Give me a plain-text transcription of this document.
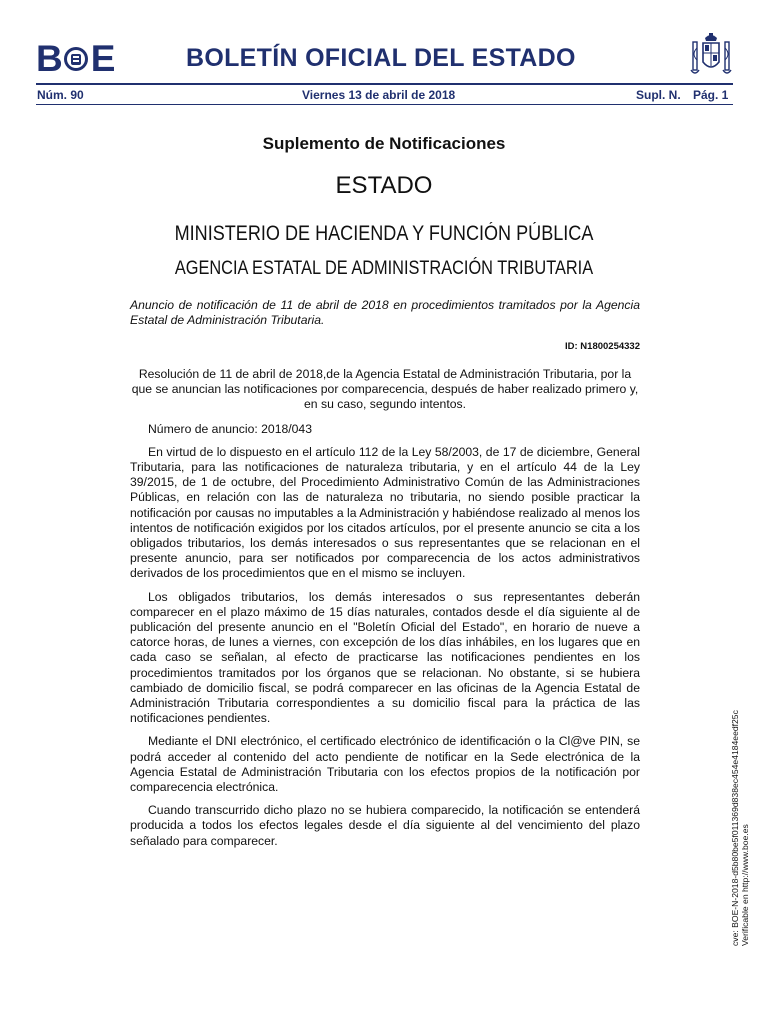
B E	BOLETÍN OFICIAL DEL ESTADO
Núm. 90	Viernes 13 de abril de 2018	Supl. N. Pág. 1
Suplemento de Notificaciones
ESTADO
MINISTERIO DE HACIENDA Y FUNCIÓN PÚBLICA
AGENCIA ESTATAL DE ADMINISTRACIÓN TRIBUTARIA
Anuncio de notificación de 11 de abril de 2018 en procedimientos tramitados por la Agencia Estatal de Administración Tributaria.
ID: N1800254332
Resolución de 11 de abril de 2018,de la Agencia Estatal de Administración Tributaria, por la que se anuncian las notificaciones por comparecencia, después de haber realizado primero y, en su caso, segundo intentos.

Número de anuncio: 2018/043

En virtud de lo dispuesto en el artículo 112 de la Ley 58/2003, de 17 de diciembre, General Tributaria, para las notificaciones de naturaleza tributaria, y en el artículo 44 de la Ley 39/2015, de 1 de octubre, del Procedimiento Administrativo Común de las Administraciones Públicas, en relación con las de naturaleza no tributaria, no siendo posible practicar la notificación por causas no imputables a la Administración y habiéndose realizado al menos los intentos de notificación exigidos por los citados artículos, por el presente anuncio se cita a los obligados tributarios, los demás interesados o sus representantes que se relacionan en el presente anuncio, para ser notificados por comparecencia de los actos administrativos derivados de los procedimientos que en el mismo se incluyen.

Los obligados tributarios, los demás interesados o sus representantes deberán comparecer en el plazo máximo de 15 días naturales, contados desde el día siguiente al de publicación del presente anuncio en el "Boletín Oficial del Estado", en horario de nueve a catorce horas, de lunes a viernes, con excepción de los días inhábiles, en los lugares que en cada caso se señalan, al efecto de practicarse las notificaciones pendientes en los procedimientos tramitados por los órganos que se relacionan. No obstante, si se hubiera cambiado de domicilio fiscal, se podrá comparecer en las oficinas de la Agencia Estatal de Administración Tributaria correspondientes a su domicilio fiscal para la práctica de las notificaciones pendientes.

Mediante el DNI electrónico, el certificado electrónico de identificación o la Cl@ve PIN, se podrá acceder al contenido del acto pendiente de notificar en la Sede electrónica de la Agencia Estatal de Administración Tributaria con los efectos propios de la notificación por comparecencia electrónica.

Cuando transcurrido dicho plazo no se hubiera comparecido, la notificación se entenderá producida a todos los efectos legales desde el día siguiente al del vencimiento del plazo señalado para comparecer.	cve: BOE-N-2018-d5b80be5f011369d838ec454e4184eedf25c Verificable en http://www.boe.es
